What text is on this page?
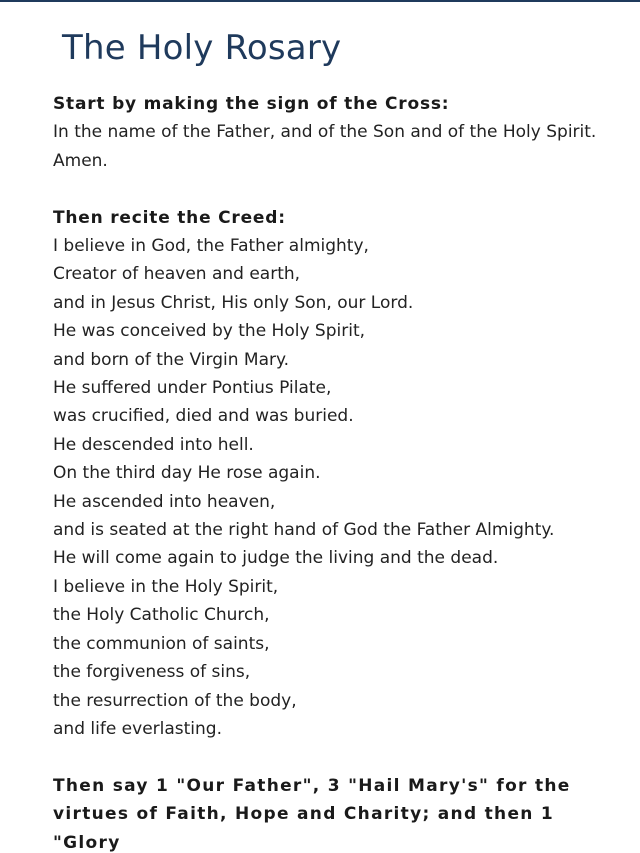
The Holy Rosary
Start by making the sign of the Cross:
In the name of the Father, and of the Son and of the Holy Spirit.
Amen.
Then recite the Creed:
I believe in God, the Father almighty,
Creator of heaven and earth,
and in Jesus Christ, His only Son, our Lord.
He was conceived by the Holy Spirit,
and born of the Virgin Mary.
He suffered under Pontius Pilate,
was crucified, died and was buried.
He descended into hell.
On the third day He rose again.
He ascended into heaven,
and is seated at the right hand of God the Father Almighty.
He will come again to judge the living and the dead.
I believe in the Holy Spirit,
the Holy Catholic Church,
the communion of saints,
the forgiveness of sins,
the resurrection of the body,
and life everlasting.
Then say 1 "Our Father", 3 "Hail Mary's" for the virtues of Faith, Hope and Charity; and then 1 "Glory
